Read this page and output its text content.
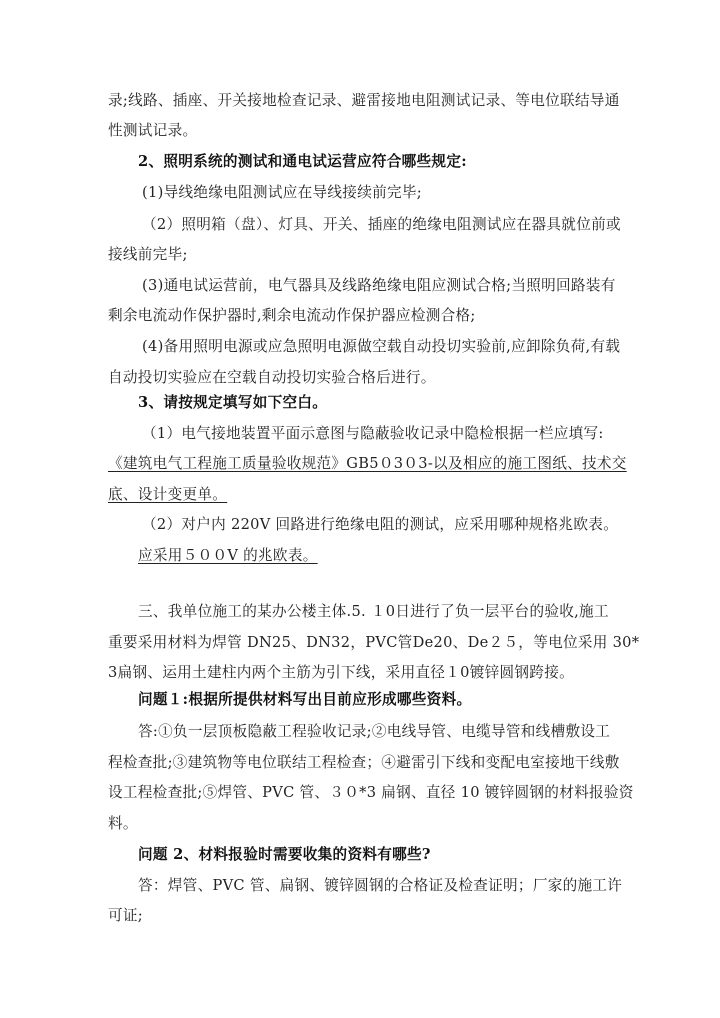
录;线路、插座、开关接地检查记录、避雷接地电阻测试记录、等电位联结导通
性测试记录。
2、照明系统的测试和通电试运营应符合哪些规定:
(1)导线绝缘电阻测试应在导线接续前完毕;
（2）照明箱（盘）、灯具、开关、插座的绝缘电阻测试应在器具就位前或
接线前完毕;
(3)通电试运营前，电气器具及线路绝缘电阻应测试合格;当照明回路装有
剩余电流动作保护器时,剩余电流动作保护器应检测合格;
(4)备用照明电源或应急照明电源做空载自动投切实验前,应卸除负荷,有载
自动投切实验应在空载自动投切实验合格后进行。
3、请按规定填写如下空白。
（1）电气接地装置平面示意图与隐蔽验收记录中隐检根据一栏应填写:
《建筑电气工程施工质量验收规范》GB5０3０3-以及相应的施工图纸、技术交
底、设计变更单。
（2）对户内 220V 回路进行绝缘电阻的测试，应采用哪种规格兆欧表。
应采用５００V 的兆欧表。
三、我单位施工的某办公楼主体.5. １0日进行了负一层平台的验收,施工
重要采用材料为焊管 DN25、DN32，PVC管De20、De２５，等电位采用 30*
3扁钢、运用土建柱内两个主筋为引下线，采用直径１0镀锌圆钢跨接。
问题１:根据所提供材料写出目前应形成哪些资料。
答:①负一层顶板隐蔽工程验收记录;②电线导管、电缆导管和线槽敷设工
程检查批;③建筑物等电位联结工程检查；④避雷引下线和变配电室接地干线敷
设工程检查批;⑤焊管、PVC 管、３０*3 扁钢、直径 10 镀锌圆钢的材料报验资
料。
问题 2、材料报验时需要收集的资料有哪些?
答：焊管、PVC 管、扁钢、镀锌圆钢的合格证及检查证明；厂家的施工许
可证;
